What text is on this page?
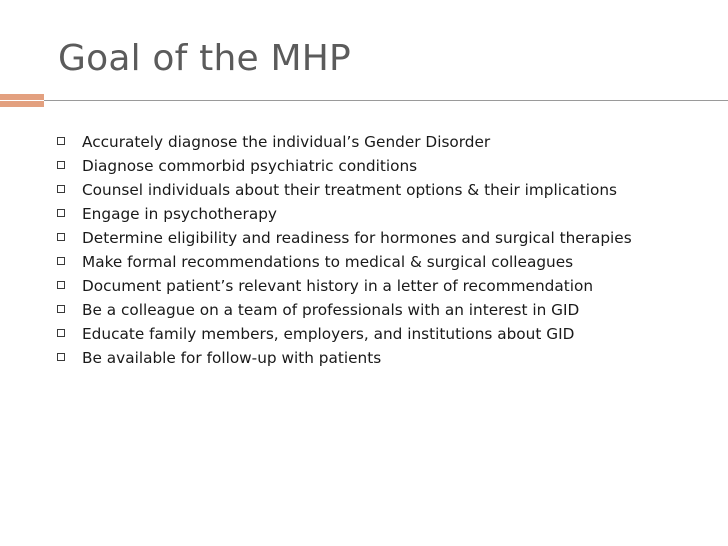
Goal of the MHP
Accurately diagnose the individual’s Gender Disorder
Diagnose commorbid psychiatric conditions
Counsel individuals about their treatment options & their implications
Engage in psychotherapy
Determine eligibility and readiness for hormones and surgical therapies
Make formal recommendations to medical & surgical colleagues
Document patient’s relevant history in a letter of recommendation
Be a colleague on a team of professionals with an interest in GID
Educate family members, employers, and institutions about GID
Be available for follow-up with patients
